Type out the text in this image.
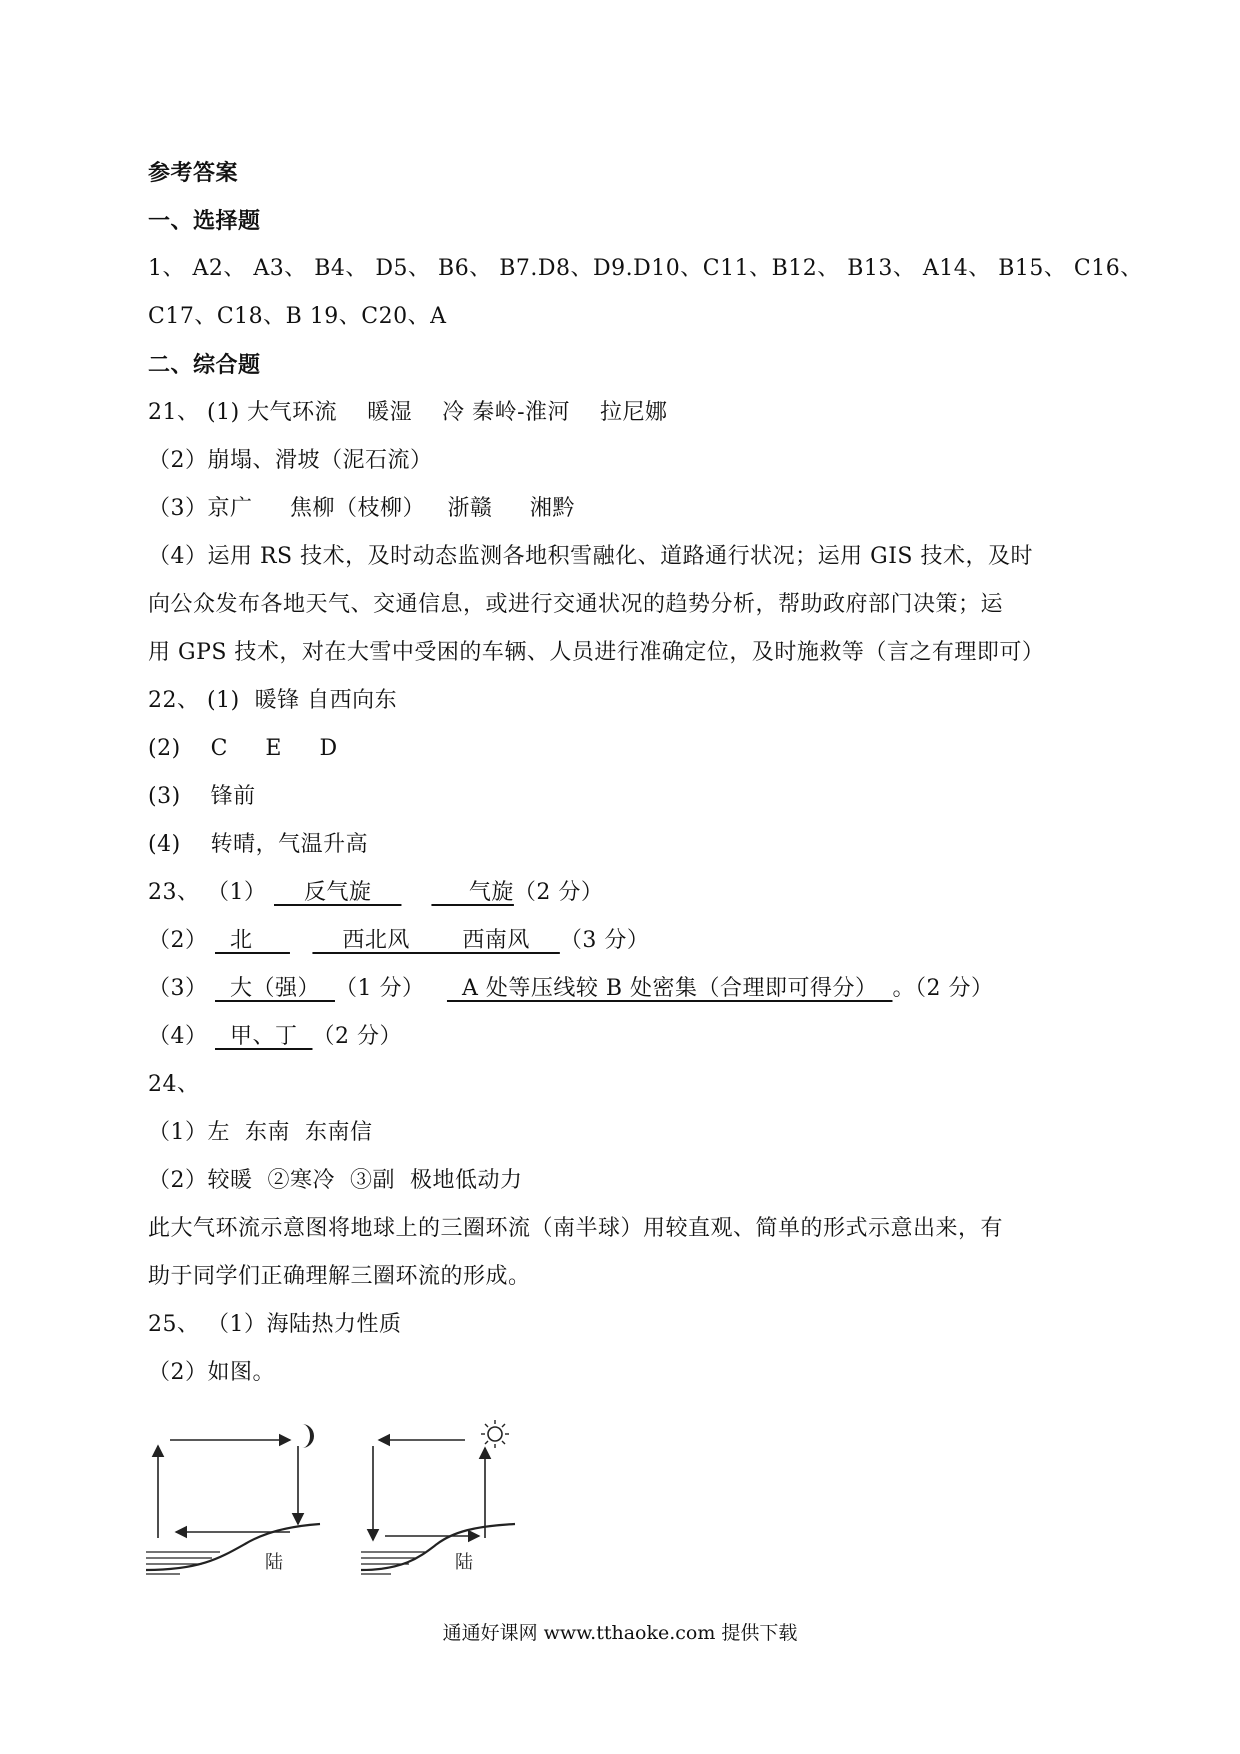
参考答案
一、选择题
1、 A2、 A3、 B4、 D5、 B6、 B7.D8、D9.D10、C11、B12、 B13、 A14、 B15、 C16、
C17、C18、B 19、C20、A
二、综合题
21、 (1) 大气环流    暖湿    冷 秦岭-淮河    拉尼娜
（2）崩塌、滑坡（泥石流）
（3）京广     焦柳（枝柳）   浙赣     湘黔
（4）运用 RS 技术，及时动态监测各地积雪融化、道路通行状况；运用 GIS 技术，及时
向公众发布各地天气、交通信息，或进行交通状况的趋势分析，帮助政府部门决策；运
用 GPS 技术，对在大雪中受困的车辆、人员进行准确定位，及时施救等（言之有理即可）
22、 (1)  暖锋 自西向东
(2)    C     E     D
(3)    锋前
(4)    转晴，气温升高
23、 （1）     反气旋             气旋（2 分）
（2）   北            西北风       西南风    （3 分）
（3）   大（强）  （1 分）     A 处等压线较 B 处密集（合理即可得分）  。（2 分）
（4）   甲、丁  （2 分）
24、
（1）左  东南  东南信
（2）较暖  ②寒冷  ③副  极地低动力
此大气环流示意图将地球上的三圈环流（南半球）用较直观、简单的形式示意出来，有
助于同学们正确理解三圈环流的形成。
25、 （1）海陆热力性质
（2）如图。
陆	陆
通通好课网 www.tthaoke.com 提供下载
